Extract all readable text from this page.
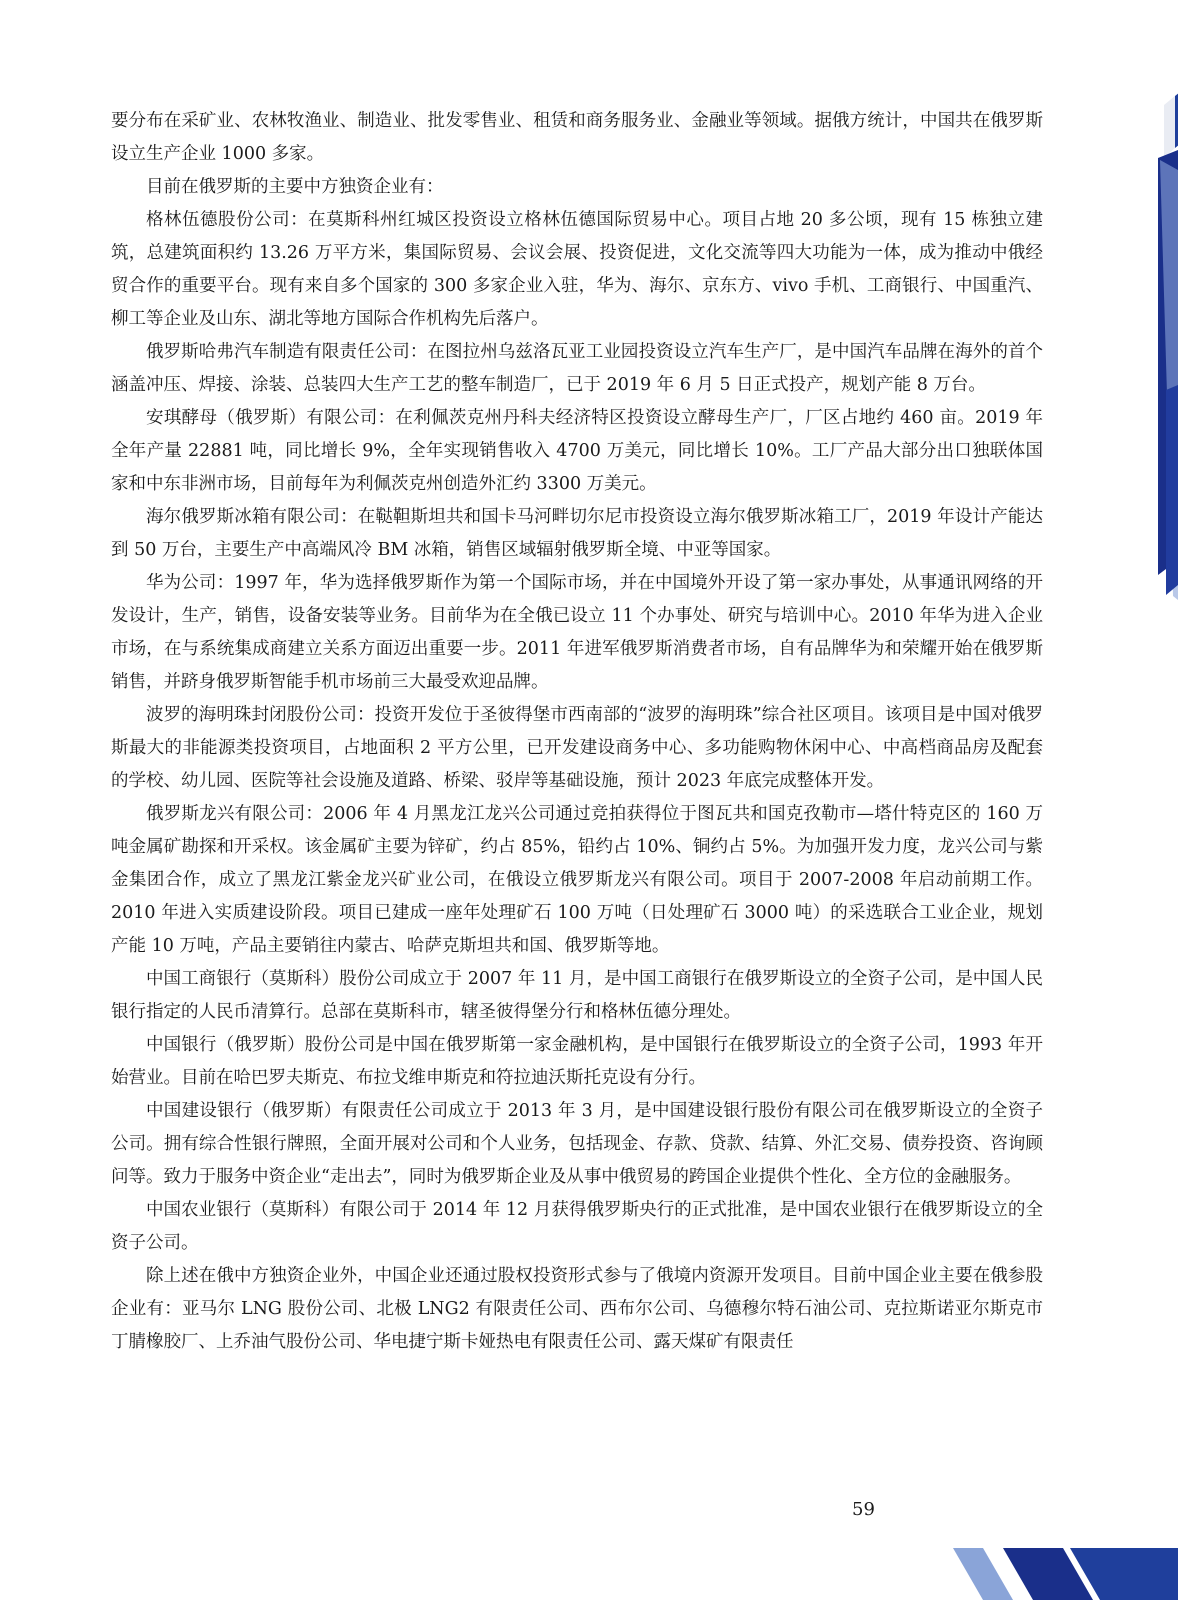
要分布在采矿业、农林牧渔业、制造业、批发零售业、租赁和商务服务业、金融业等领域。据俄方统计，中国共在俄罗斯设立生产企业 1000 多家。

目前在俄罗斯的主要中方独资企业有：

格林伍德股份公司：在莫斯科州红城区投资设立格林伍德国际贸易中心。项目占地 20 多公顷，现有 15 栋独立建筑，总建筑面积约 13.26 万平方米，集国际贸易、会议会展、投资促进，文化交流等四大功能为一体，成为推动中俄经贸合作的重要平台。现有来自多个国家的 300 多家企业入驻，华为、海尔、京东方、vivo 手机、工商银行、中国重汽、柳工等企业及山东、湖北等地方国际合作机构先后落户。

俄罗斯哈弗汽车制造有限责任公司：在图拉州乌兹洛瓦亚工业园投资设立汽车生产厂，是中国汽车品牌在海外的首个涵盖冲压、焊接、涂装、总装四大生产工艺的整车制造厂，已于 2019 年 6 月 5 日正式投产，规划产能 8 万台。

安琪酵母（俄罗斯）有限公司：在利佩茨克州丹科夫经济特区投资设立酵母生产厂，厂区占地约 460 亩。2019 年全年产量 22881 吨，同比增长 9%，全年实现销售收入 4700 万美元，同比增长 10%。工厂产品大部分出口独联体国家和中东非洲市场，目前每年为利佩茨克州创造外汇约 3300 万美元。

海尔俄罗斯冰箱有限公司：在鞑靼斯坦共和国卡马河畔切尔尼市投资设立海尔俄罗斯冰箱工厂，2019 年设计产能达到 50 万台，主要生产中高端风冷 BM 冰箱，销售区域辐射俄罗斯全境、中亚等国家。

华为公司：1997 年，华为选择俄罗斯作为第一个国际市场，并在中国境外开设了第一家办事处，从事通讯网络的开发设计，生产，销售，设备安装等业务。目前华为在全俄已设立 11 个办事处、研究与培训中心。2010 年华为进入企业市场，在与系统集成商建立关系方面迈出重要一步。2011 年进军俄罗斯消费者市场，自有品牌华为和荣耀开始在俄罗斯销售，并跻身俄罗斯智能手机市场前三大最受欢迎品牌。

波罗的海明珠封闭股份公司：投资开发位于圣彼得堡市西南部的“波罗的海明珠”综合社区项目。该项目是中国对俄罗斯最大的非能源类投资项目，占地面积 2 平方公里，已开发建设商务中心、多功能购物休闲中心、中高档商品房及配套的学校、幼儿园、医院等社会设施及道路、桥梁、驳岸等基础设施，预计 2023 年底完成整体开发。

俄罗斯龙兴有限公司：2006 年 4 月黑龙江龙兴公司通过竞拍获得位于图瓦共和国克孜勒市—塔什特克区的 160 万吨金属矿勘探和开采权。该金属矿主要为锌矿，约占 85%，铅约占 10%、铜约占 5%。为加强开发力度，龙兴公司与紫金集团合作，成立了黑龙江紫金龙兴矿业公司，在俄设立俄罗斯龙兴有限公司。项目于 2007-2008 年启动前期工作。2010 年进入实质建设阶段。项目已建成一座年处理矿石 100 万吨（日处理矿石 3000 吨）的采选联合工业企业，规划产能 10 万吨，产品主要销往内蒙古、哈萨克斯坦共和国、俄罗斯等地。

中国工商银行（莫斯科）股份公司成立于 2007 年 11 月，是中国工商银行在俄罗斯设立的全资子公司，是中国人民银行指定的人民币清算行。总部在莫斯科市，辖圣彼得堡分行和格林伍德分理处。

中国银行（俄罗斯）股份公司是中国在俄罗斯第一家金融机构，是中国银行在俄罗斯设立的全资子公司，1993 年开始营业。目前在哈巴罗夫斯克、布拉戈维申斯克和符拉迪沃斯托克设有分行。

中国建设银行（俄罗斯）有限责任公司成立于 2013 年 3 月，是中国建设银行股份有限公司在俄罗斯设立的全资子公司。拥有综合性银行牌照，全面开展对公司和个人业务，包括现金、存款、贷款、结算、外汇交易、债券投资、咨询顾问等。致力于服务中资企业“走出去”，同时为俄罗斯企业及从事中俄贸易的跨国企业提供个性化、全方位的金融服务。

中国农业银行（莫斯科）有限公司于 2014 年 12 月获得俄罗斯央行的正式批准，是中国农业银行在俄罗斯设立的全资子公司。

除上述在俄中方独资企业外，中国企业还通过股权投资形式参与了俄境内资源开发项目。目前中国企业主要在俄参股企业有：亚马尔 LNG 股份公司、北极 LNG2 有限责任公司、西布尔公司、乌德穆尔特石油公司、克拉斯诺亚尔斯克市丁腈橡胶厂、上乔油气股份公司、华电捷宁斯卡娅热电有限责任公司、露天煤矿有限责任

59
